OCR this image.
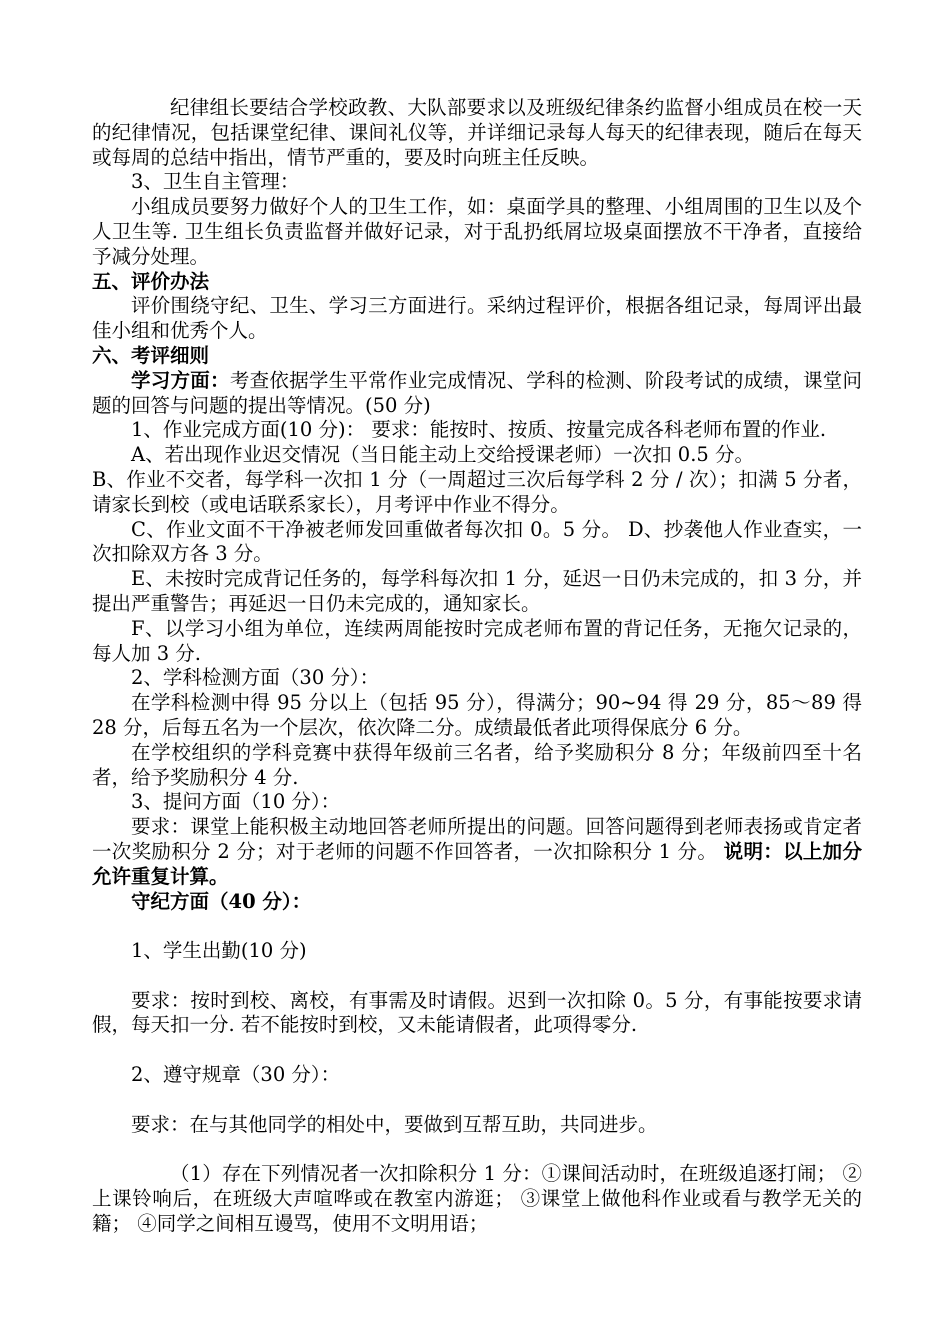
纪律组长要结合学校政教、大队部要求以及班级纪律条约监督小组成员在校一天的纪律情况，包括课堂纪律、课间礼仪等，并详细记录每人每天的纪律表现，随后在每天或每周的总结中指出，情节严重的，要及时向班主任反映。

3、卫生自主管理：

小组成员要努力做好个人的卫生工作，如：桌面学具的整理、小组周围的卫生以及个人卫生等. 卫生组长负责监督并做好记录，对于乱扔纸屑垃圾桌面摆放不干净者，直接给予减分处理。

五、评价办法

评价围绕守纪、卫生、学习三方面进行。采纳过程评价，根据各组记录，每周评出最佳小组和优秀个人。

六、考评细则

学习方面：考查依据学生平常作业完成情况、学科的检测、阶段考试的成绩，课堂问题的回答与问题的提出等情况。(50 分)

1、作业完成方面(10 分)： 要求：能按时、按质、按量完成各科老师布置的作业.

A、若出现作业迟交情况（当日能主动上交给授课老师）一次扣 0.5 分。

B、作业不交者，每学科一次扣 1 分（一周超过三次后每学科 2 分 / 次）；扣满 5 分者，请家长到校（或电话联系家长），月考评中作业不得分。

C、作业文面不干净被老师发回重做者每次扣 0。5 分。 D、抄袭他人作业查实，一次扣除双方各 3 分。

E、未按时完成背记任务的，每学科每次扣 1 分，延迟一日仍未完成的，扣 3 分，并提出严重警告；再延迟一日仍未完成的，通知家长。

F、以学习小组为单位，连续两周能按时完成老师布置的背记任务，无拖欠记录的，每人加 3 分.

2、学科检测方面（30 分）：

在学科检测中得 95 分以上（包括 95 分），得满分；90~94 得 29 分，85～89 得 28 分，后每五名为一个层次，依次降二分。成绩最低者此项得保底分 6 分。

在学校组织的学科竞赛中获得年级前三名者，给予奖励积分 8 分；年级前四至十名者，给予奖励积分 4 分.

3、提问方面（10 分）：

要求：课堂上能积极主动地回答老师所提出的问题。回答问题得到老师表扬或肯定者一次奖励积分 2 分；对于老师的问题不作回答者，一次扣除积分 1 分。 说明：以上加分允许重复计算。

守纪方面（40 分）：

1、学生出勤(10 分)

要求：按时到校、离校，有事需及时请假。迟到一次扣除 0。5 分，有事能按要求请假，每天扣一分. 若不能按时到校，又未能请假者，此项得零分.

2、遵守规章（30 分）：

要求：在与其他同学的相处中，要做到互帮互助，共同进步。

（1）存在下列情况者一次扣除积分 1 分：①课间活动时，在班级追逐打闹； ②上课铃响后，在班级大声喧哗或在教室内游逛； ③课堂上做他科作业或看与教学无关的籍； ④同学之间相互谩骂，使用不文明用语；
